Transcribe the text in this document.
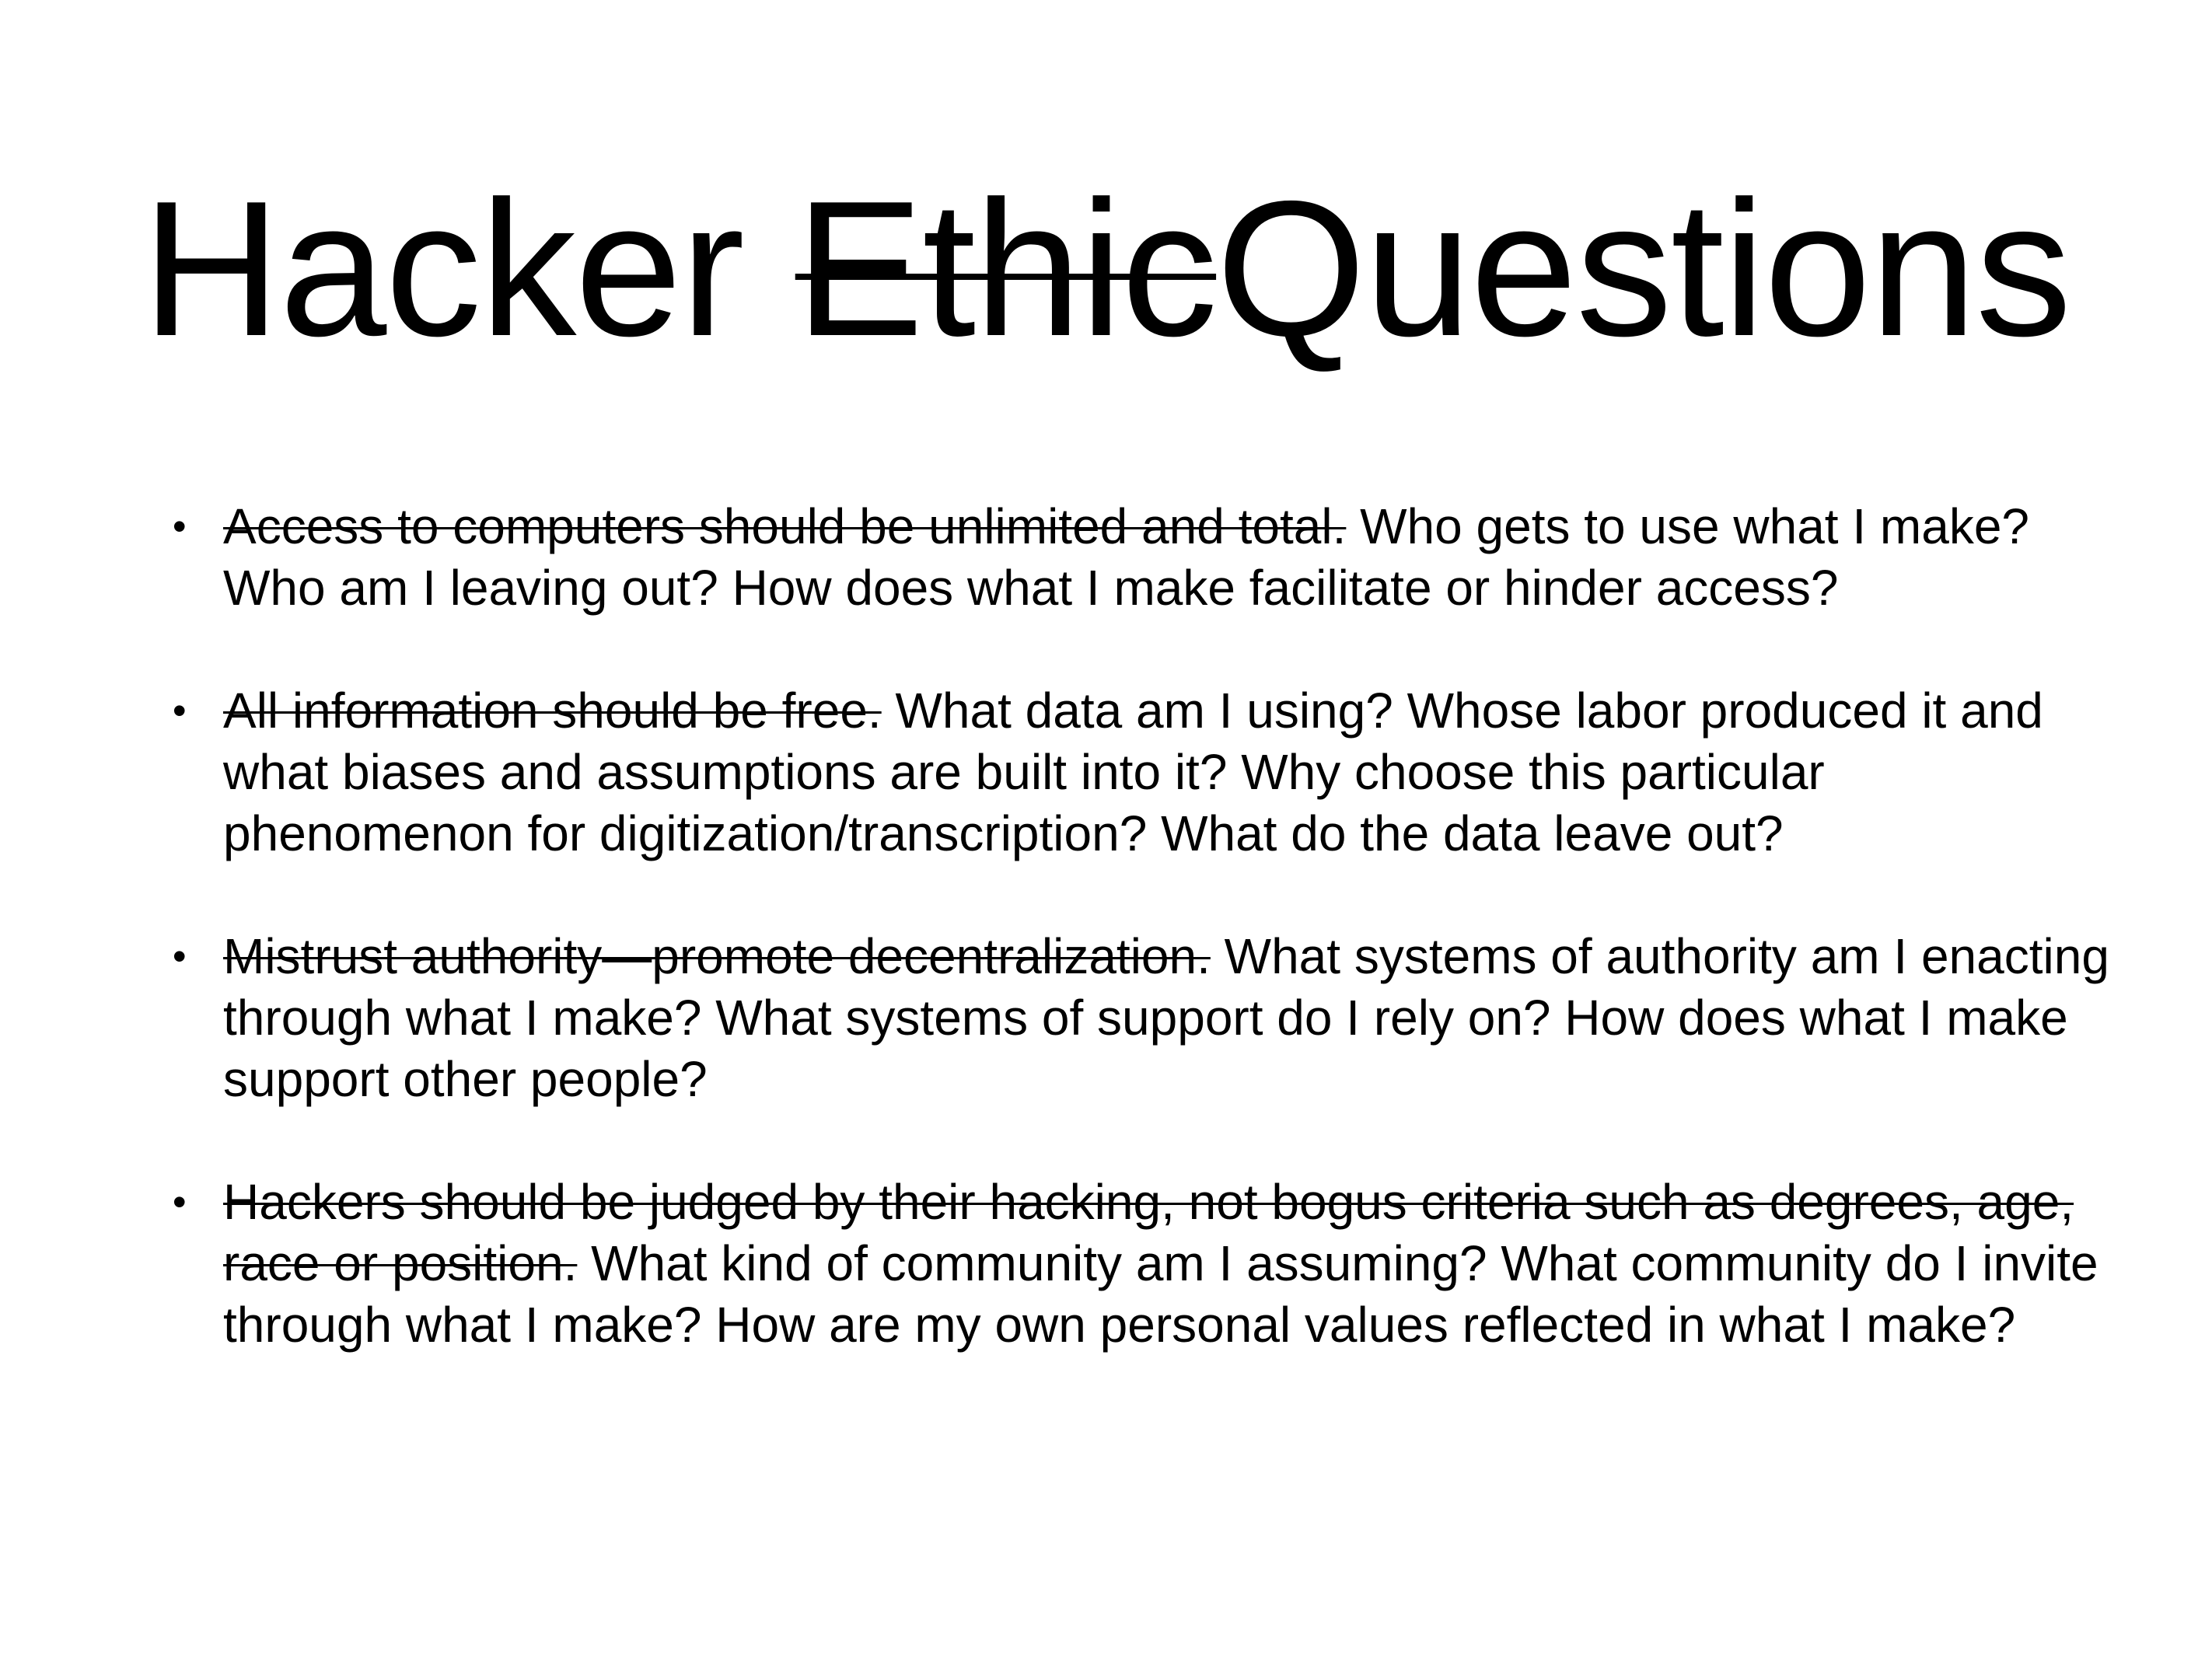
Hacker EthicQuestions
• Access to computers should be unlimited and total. Who gets to use what I make? Who am I leaving out? How does what I make facilitate or hinder access?
• All information should be free. What data am I using? Whose labor produced it and what biases and assumptions are built into it? Why choose this particular phenomenon for digitization/transcription? What do the data leave out?
• Mistrust authority—promote decentralization. What systems of authority am I enacting through what I make? What systems of support do I rely on? How does what I make support other people?
• Hackers should be judged by their hacking, not bogus criteria such as degrees, age, race or position. What kind of community am I assuming? What community do I invite through what I make? How are my own personal values reflected in what I make?
